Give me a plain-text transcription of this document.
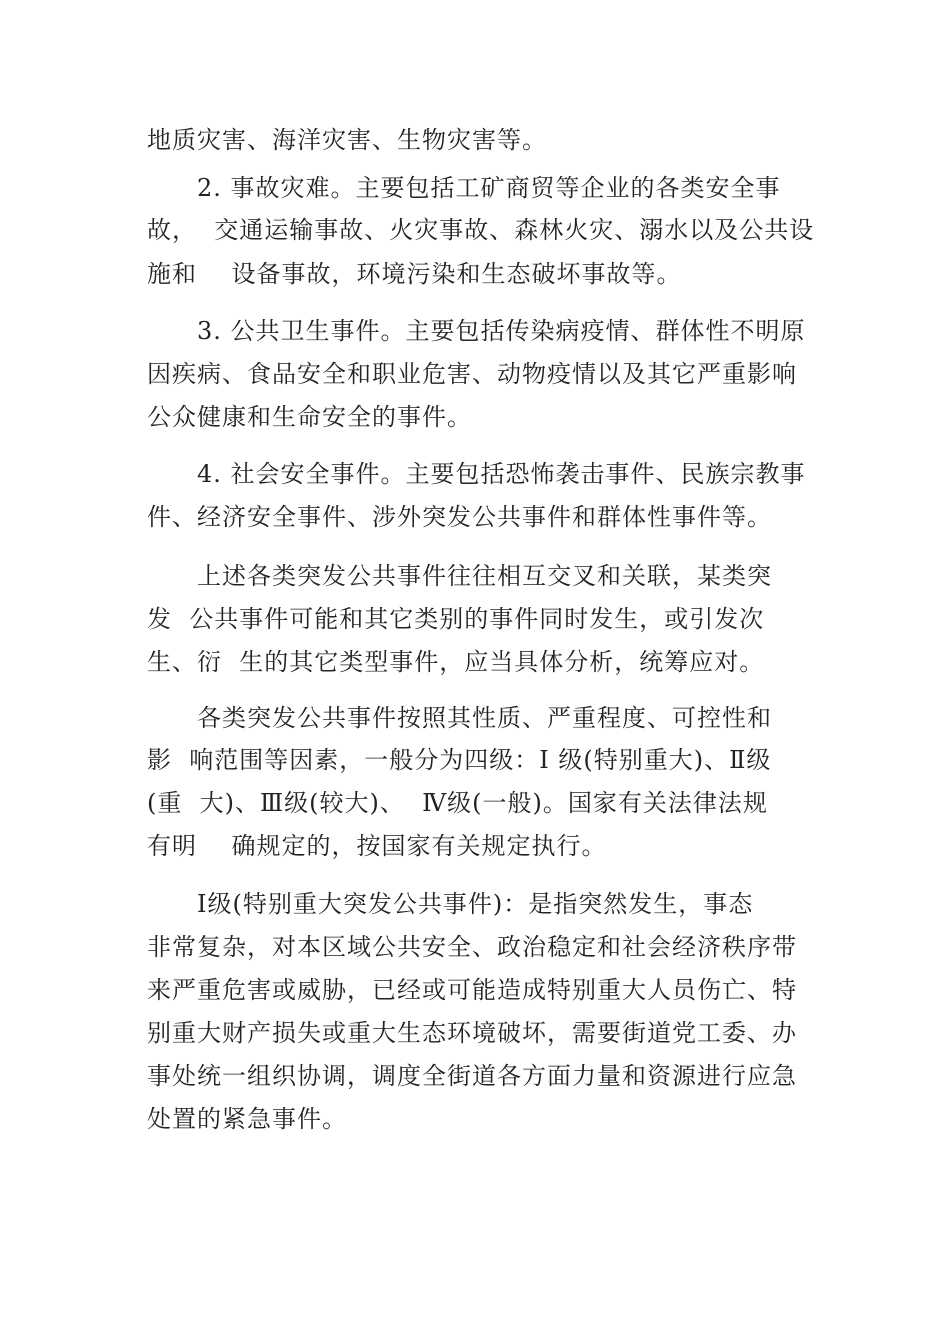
地质灾害、海洋灾害、生物灾害等。
2. 事故灾难。主要包括工矿商贸等企业的各类安全事
故，  交通运输事故、火灾事故、森林火灾、溺水以及公共设
施和    设备事故，环境污染和生态破坏事故等。
3. 公共卫生事件。主要包括传染病疫情、群体性不明原
因疾病、食品安全和职业危害、动物疫情以及其它严重影响
公众健康和生命安全的事件。
4. 社会安全事件。主要包括恐怖袭击事件、民族宗教事
件、经济安全事件、涉外突发公共事件和群体性事件等。
上述各类突发公共事件往往相互交叉和关联，某类突
发  公共事件可能和其它类别的事件同时发生，或引发次
生、衍  生的其它类型事件，应当具体分析，统筹应对。
各类突发公共事件按照其性质、严重程度、可控性和
影  响范围等因素，一般分为四级：Ⅰ 级(特别重大)、Ⅱ级
(重  大)、Ⅲ级(较大)、  Ⅳ级(一般)。国家有关法律法规
有明    确规定的，按国家有关规定执行。
Ⅰ级(特别重大突发公共事件)：是指突然发生，事态
非常复杂，对本区域公共安全、政治稳定和社会经济秩序带
来严重危害或威胁，已经或可能造成特别重大人员伤亡、特
别重大财产损失或重大生态环境破坏，需要街道党工委、办
事处统一组织协调，调度全街道各方面力量和资源进行应急
处置的紧急事件。
